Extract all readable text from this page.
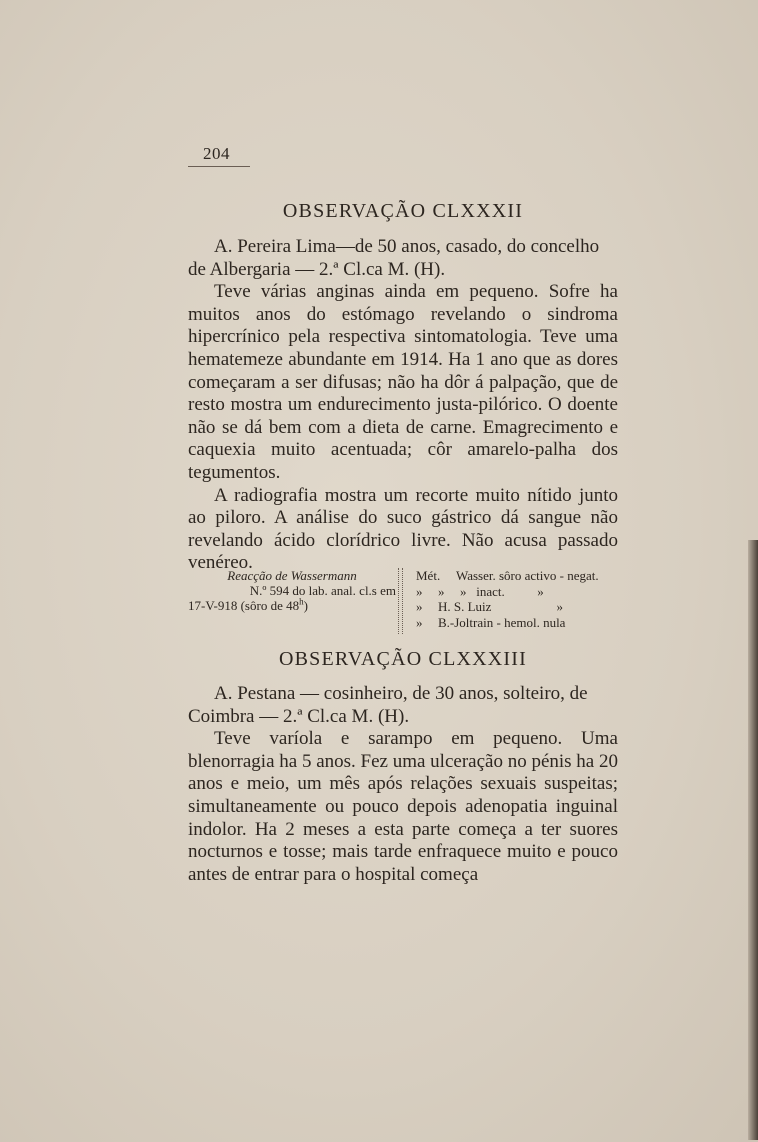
204
OBSERVAÇÃO CLXXXII

A. Pereira Lima—de 50 anos, casado, do concelho

de Albergaria — 2.ª Cl.ca M. (H).

Teve várias anginas ainda em pequeno. Sofre ha muitos anos do estómago revelando o sindroma hipercrínico pela respectiva sintomatologia. Teve uma hematemeze abundante em 1914. Ha 1 ano que as dores começaram a ser difusas; não ha dôr á palpação, que de resto mostra um endurecimento justa-pilórico. O doente não se dá bem com a dieta de carne. Emagrecimento e caquexia muito acentuada; côr amarelo-palha dos tegumentos.

A radiografia mostra um recorte muito nítido junto ao piloro. A análise do suco gástrico dá sangue não revelando ácido clorídrico livre. Não acusa passado venéreo.

Reacção de Wassermann
N.º 594 do lab. anal. cl.s em
17-V-918 (sôro de 48$^h$)
Mét.	Wasser. sôro activo - negat.
»	»	»   inact.          »
»	H. S. Luiz                    »
»	B.-Joltrain - hemol. nula
OBSERVAÇÃO CLXXXIII

A. Pestana — cosinheiro, de 30 anos, solteiro, de

Coimbra — 2.ª Cl.ca M. (H).

Teve varíola e sarampo em pequeno. Uma blenorragia ha 5 anos. Fez uma ulceração no pénis ha 20 anos e meio, um mês após relações sexuais suspeitas; simultaneamente ou pouco depois adenopatia inguinal indolor. Ha 2 meses a esta parte começa a ter suores nocturnos e tosse; mais tarde enfraquece muito e pouco antes de entrar para o hospital começa
